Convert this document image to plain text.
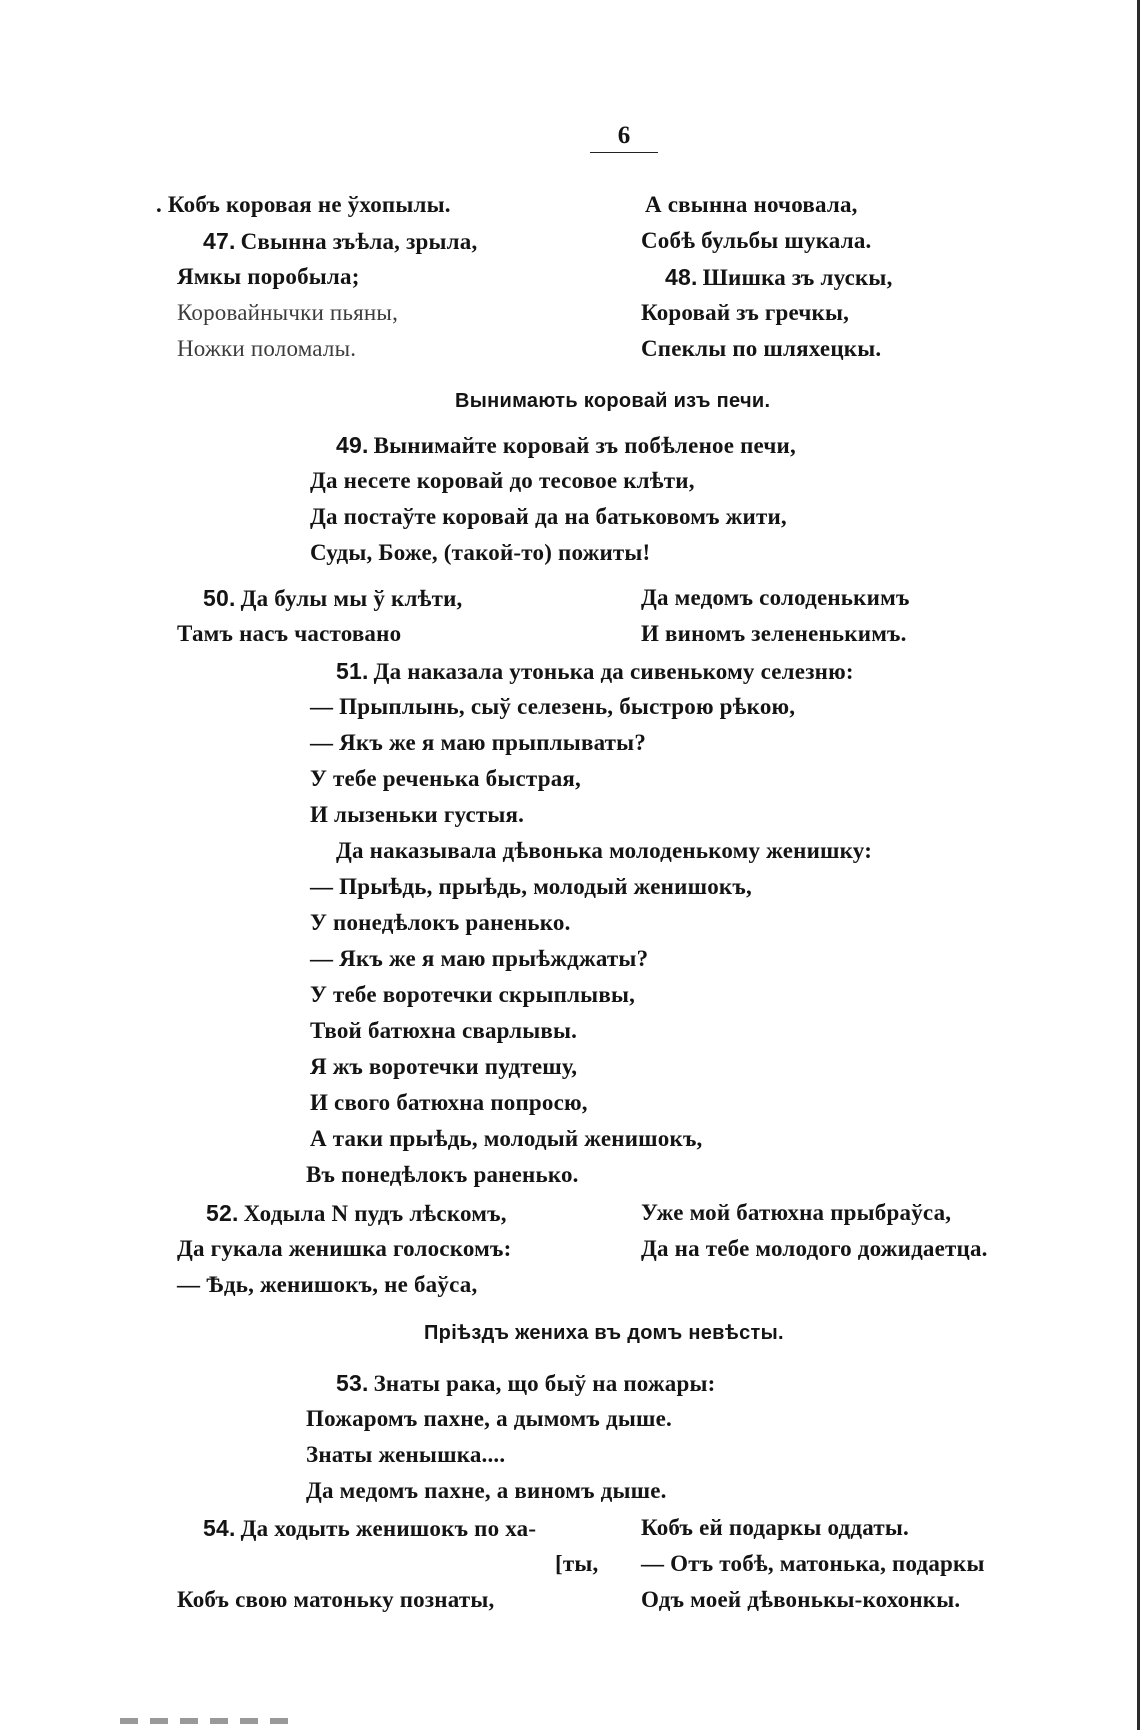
6
. Кобъ коровая не ўхопылы.
47. Свынна зъѣла, зрыла,
Ямкы поробыла;
Коровайнычки пьяны,
Ножки поломалы.
А свынна ночовала,
Собѣ бульбы шукала.
48. Шишка зъ лускы,
Коровай зъ гречкы,
Спеклы по шляхецкы.
Вынимають коровай изъ печи.
49. Вынимайте коровай зъ побѣленое печи,
Да несете коровай до тесовое клѣти,
Да постаўте коровай да на батьковомъ жити,
Суды, Боже, (такой-то) пожиты!
50. Да булы мы ў клѣти,
Тамъ насъ частовано
Да медомъ солоденькимъ
И виномъ зелененькимъ.
51. Да наказала утонька да сивенькому селезню:
— Прыплынь, сыў селезень, быстрою рѣкою,
— Якъ же я маю прыплываты?
У тебе реченька быстрая,
И лызеньки густыя.
Да наказывала дѣвонька молоденькому женишку:
— Прыѣдь, прыѣдь, молодый женишокъ,
У понедѣлокъ раненько.
— Якъ же я маю прыѣжджаты?
У тебе воротечки скрыплывы,
Твой батюхна сварлывы.
Я жъ воротечки пудтешу,
И свого батюхна попросю,
А таки прыѣдь, молодый женишокъ,
Въ понедѣлокъ раненько.
52. Ходыла N пудъ лѣскомъ,
Да гукала женишка голоскомъ:
— Ѣдь, женишокъ, не баўса,
Уже мой батюхна прыбраўса,
Да на тебе молодого дожидаетца.
Прiѣздъ жениха въ домъ невѣсты.
53. Знаты рака, що быў на пожары:
Пожаромъ пахне, а дымомъ дыше.
Знаты женышка....
Да медомъ пахне, а виномъ дыше.
54. Да ходыть женишокъ по ха-
[ты,
Кобъ свою матоньку познаты,
Кобъ ей подаркы оддаты.
— Отъ тобѣ, матонька, подаркы
Одъ моей дѣвонькы-кохонкы.
